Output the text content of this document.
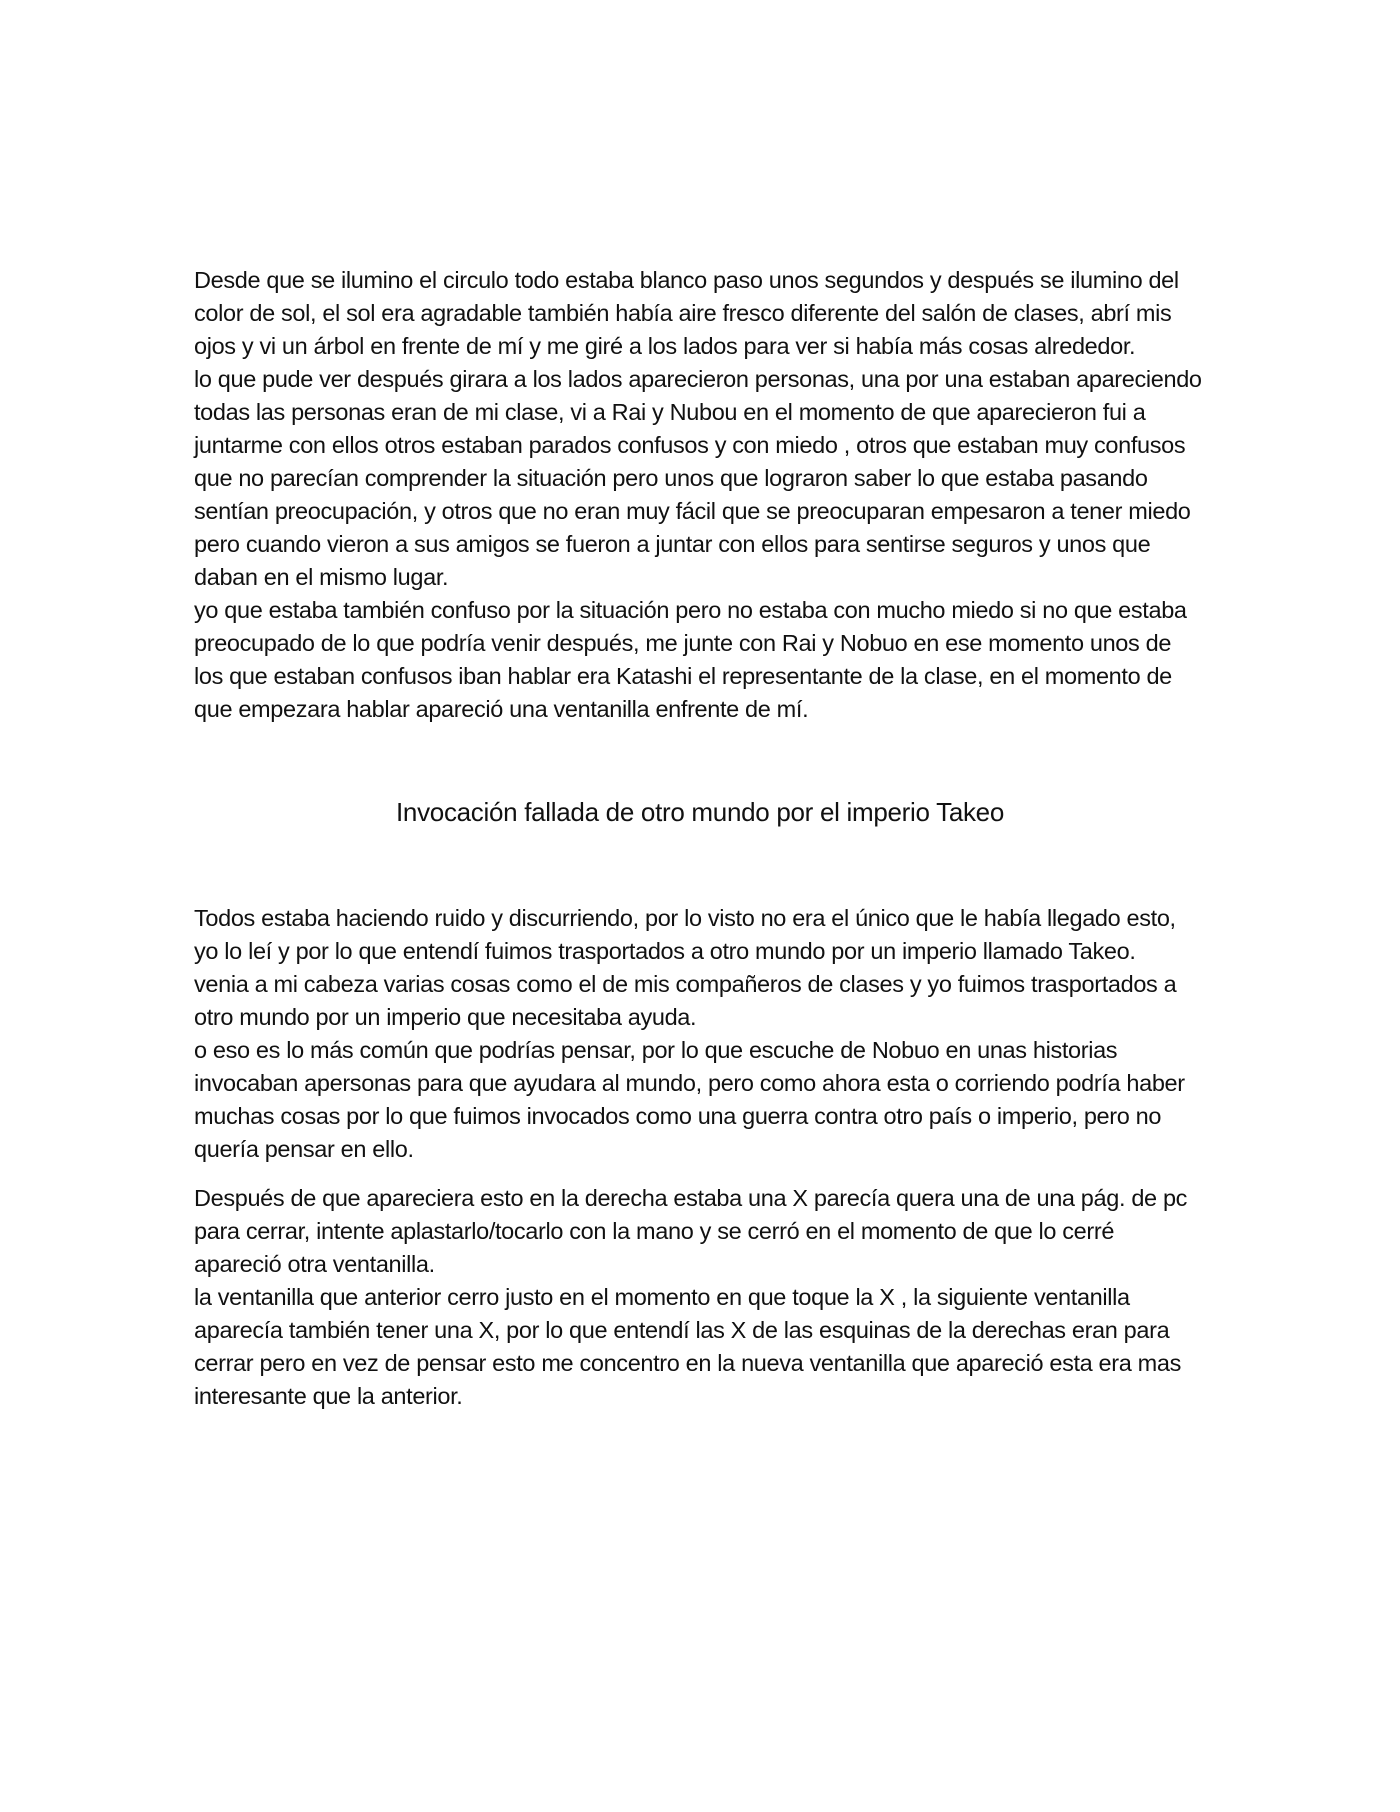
Desde que se ilumino el circulo todo estaba blanco paso unos segundos y después se ilumino del
color de sol, el sol era agradable también había aire fresco diferente del salón de clases, abrí mis
ojos y vi un árbol en frente de mí y me giré a los lados para ver si había más cosas alrededor.
lo que pude ver después girara a los lados aparecieron personas, una por una estaban apareciendo
todas las personas eran de mi clase, vi a Rai y Nubou en el momento de que aparecieron fui a
juntarme con ellos otros estaban parados confusos y con miedo , otros que estaban muy confusos
que no parecían comprender la situación pero unos que lograron saber lo que estaba pasando
sentían preocupación, y otros que no eran muy fácil que se preocuparan empesaron a tener miedo
pero cuando vieron a sus amigos se fueron a juntar con ellos para sentirse seguros y unos que
daban en el mismo lugar.
yo que estaba también confuso por la situación pero no estaba con mucho miedo si no que estaba
preocupado de lo que podría venir después, me junte con Rai y Nobuo en ese momento unos de
los que estaban confusos iban hablar era Katashi el representante de la clase, en el momento de
que empezara hablar apareció una ventanilla enfrente de mí.
Invocación fallada de otro mundo por el imperio Takeo
Todos estaba haciendo ruido y discurriendo, por lo visto no era el único que le había llegado esto,
yo lo leí y por lo que entendí fuimos trasportados a otro mundo por un imperio llamado Takeo.
venia a mi cabeza varias cosas como el de mis compañeros de clases y yo fuimos trasportados a
otro mundo por un imperio que necesitaba ayuda.
o eso es lo más común que podrías pensar, por lo que escuche de Nobuo en unas historias
invocaban apersonas para que ayudara al mundo, pero como ahora esta o corriendo podría haber
muchas cosas por lo que fuimos invocados como una guerra contra otro país o imperio, pero no
quería pensar en ello.
Después de que apareciera esto en la derecha estaba una X parecía quera una de una pág. de pc
para cerrar, intente aplastarlo/tocarlo con la mano y se cerró en el momento de que lo cerré
apareció otra ventanilla.
la ventanilla que anterior cerro justo en el momento en que toque la X , la siguiente ventanilla
aparecía también tener una X, por lo que entendí las X de las esquinas de la derechas eran para
cerrar pero en vez de pensar esto me concentro en la nueva ventanilla que apareció esta era mas
interesante que la anterior.
